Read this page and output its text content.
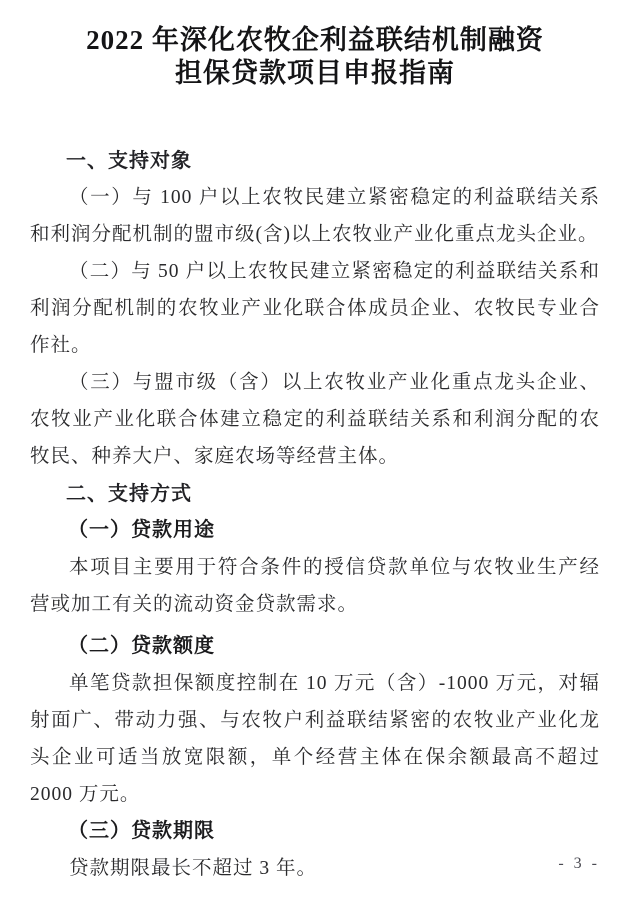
2022 年深化农牧企利益联结机制融资
担保贷款项目申报指南
一、支持对象

（一）与 100 户以上农牧民建立紧密稳定的利益联结关系和利润分配机制的盟市级(含)以上农牧业产业化重点龙头企业。

（二）与 50 户以上农牧民建立紧密稳定的利益联结关系和利润分配机制的农牧业产业化联合体成员企业、农牧民专业合作社。

（三）与盟市级（含）以上农牧业产业化重点龙头企业、农牧业产业化联合体建立稳定的利益联结关系和利润分配的农牧民、种养大户、家庭农场等经营主体。

二、支持方式
（一）贷款用途

本项目主要用于符合条件的授信贷款单位与农牧业生产经营或加工有关的流动资金贷款需求。

（二）贷款额度

单笔贷款担保额度控制在 10 万元（含）-1000 万元，对辐射面广、带动力强、与农牧户利益联结紧密的农牧业产业化龙头企业可适当放宽限额，单个经营主体在保余额最高不超过 2000 万元。

（三）贷款期限

贷款期限最长不超过 3 年。	- 3 -
